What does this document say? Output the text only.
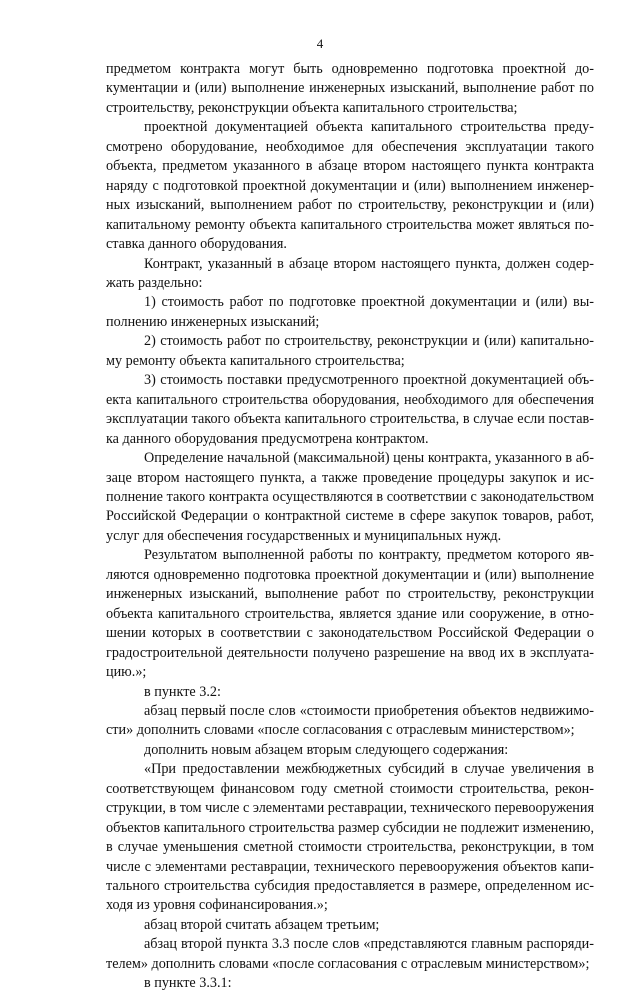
4

предметом контракта могут быть одновременно подготовка проектной документации и (или) выполнение инженерных изысканий, выполнение работ по строительству, реконструкции объекта капитального строительства;

проектной документацией объекта капитального строительства предусмотрено оборудование, необходимое для обеспечения эксплуатации такого объекта, предметом указанного в абзаце втором настоящего пункта контракта наряду с подготовкой проектной документации и (или) выполнением инженерных изысканий, выполнением работ по строительству, реконструкции и (или) капитальному ремонту объекта капитального строительства может являться поставка данного оборудования.

Контракт, указанный в абзаце втором настоящего пункта, должен содержать раздельно:

1) стоимость работ по подготовке проектной документации и (или) выполнению инженерных изысканий;

2) стоимость работ по строительству, реконструкции и (или) капитальному ремонту объекта капитального строительства;

3) стоимость поставки предусмотренного проектной документацией объекта капитального строительства оборудования, необходимого для обеспечения эксплуатации такого объекта капитального строительства, в случае если поставка данного оборудования предусмотрена контрактом.

Определение начальной (максимальной) цены контракта, указанного в абзаце втором настоящего пункта, а также проведение процедуры закупок и исполнение такого контракта осуществляются в соответствии с законодательством Российской Федерации о контрактной системе в сфере закупок товаров, работ, услуг для обеспечения государственных и муниципальных нужд.

Результатом выполненной работы по контракту, предметом которого являются одновременно подготовка проектной документации и (или) выполнение инженерных изысканий, выполнение работ по строительству, реконструкции объекта капитального строительства, является здание или сооружение, в отношении которых в соответствии с законодательством Российской Федерации о градостроительной деятельности получено разрешение на ввод их в эксплуатацию.»;

в пункте 3.2:

абзац первый после слов «стоимости приобретения объектов недвижимости» дополнить словами «после согласования с отраслевым министерством»;

дополнить новым абзацем вторым следующего содержания:

«При предоставлении межбюджетных субсидий в случае увеличения в соответствующем финансовом году сметной стоимости строительства, реконструкции, в том числе с элементами реставрации, технического перевооружения объектов капитального строительства размер субсидии не подлежит изменению, в случае уменьшения сметной стоимости строительства, реконструкции, в том числе с элементами реставрации, технического перевооружения объектов капитального строительства субсидия предоставляется в размере, определенном исходя из уровня софинансирования.»;

абзац второй считать абзацем третьим;

абзац второй пункта 3.3 после слов «представляются главным распорядителем» дополнить словами «после согласования с отраслевым министерством»;

в пункте 3.3.1:
